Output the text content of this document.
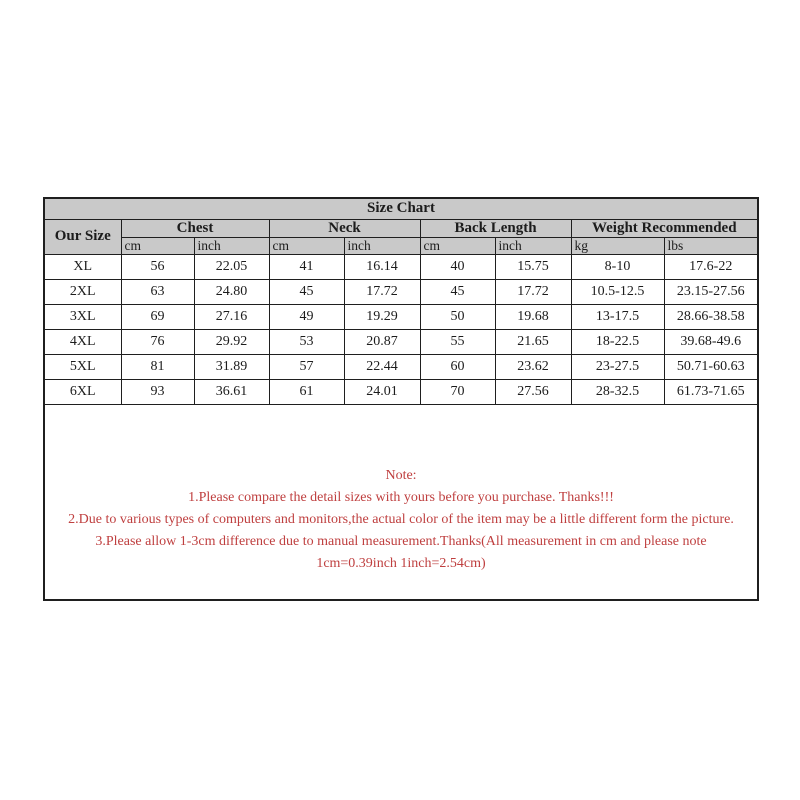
Size Chart								
Our Size	Chest		Neck		Back Length		Weight Recommended	
	cm	inch	cm	inch	cm	inch	kg	lbs
XL	56	22.05	41	16.14	40	15.75	8-10	17.6-22
2XL	63	24.80	45	17.72	45	17.72	10.5-12.5	23.15-27.56
3XL	69	27.16	49	19.29	50	19.68	13-17.5	28.66-38.58
4XL	76	29.92	53	20.87	55	21.65	18-22.5	39.68-49.6
5XL	81	31.89	57	22.44	60	23.62	23-27.5	50.71-60.63
6XL	93	36.61	61	24.01	70	27.56	28-32.5	61.73-71.65

Note:
1.Please compare the detail sizes with yours before you purchase. Thanks!!!
2.Due to various types of computers and monitors,the actual color of the item may be a little different form the picture.
3.Please allow 1-3cm difference due to manual measurement.Thanks(All measurement in cm and please note
1cm=0.39inch 1inch=2.54cm)								
